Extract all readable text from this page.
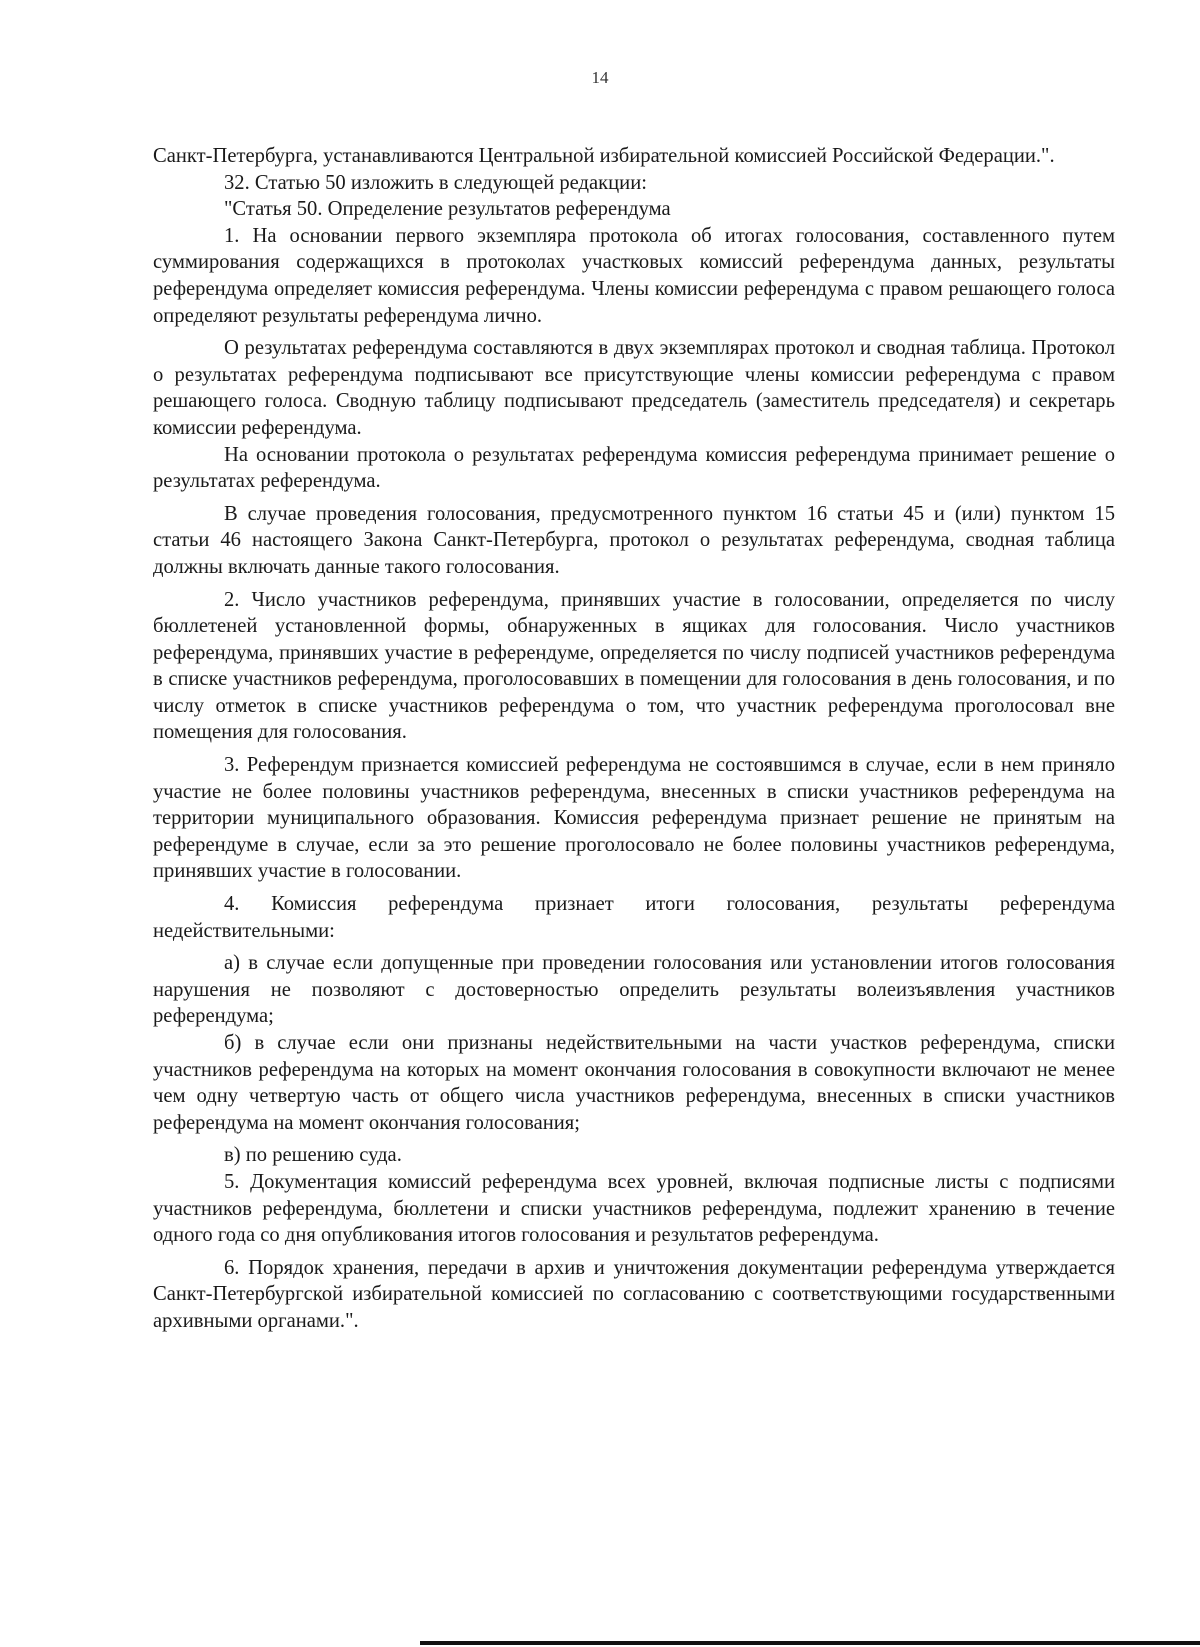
14

Санкт-Петербурга, устанавливаются Центральной избирательной комиссией Российской Федерации.".

32. Статью 50 изложить в следующей редакции:

"Статья 50. Определение результатов референдума

1. На основании первого экземпляра протокола об итогах голосования, составленного путем суммирования содержащихся в протоколах участковых комиссий референдума данных, результаты референдума определяет комиссия референдума. Члены комиссии референдума с правом решающего голоса определяют результаты референдума лично.

О результатах референдума составляются в двух экземплярах протокол и сводная таблица. Протокол о результатах референдума подписывают все присутствующие члены комиссии референдума с правом решающего голоса. Сводную таблицу подписывают председатель (заместитель председателя) и секретарь комиссии референдума.

На основании протокола о результатах референдума комиссия референдума принимает решение о результатах референдума.

В случае проведения голосования, предусмотренного пунктом 16 статьи 45 и (или) пунктом 15 статьи 46 настоящего Закона Санкт-Петербурга, протокол о результатах референдума, сводная таблица должны включать данные такого голосования.

2. Число участников референдума, принявших участие в голосовании, определяется по числу бюллетеней установленной формы, обнаруженных в ящиках для голосования. Число участников референдума, принявших участие в референдуме, определяется по числу подписей участников референдума в списке участников референдума, проголосовавших в помещении для голосования в день голосования, и по числу отметок в списке участников референдума о том, что участник референдума проголосовал вне помещения для голосования.

3. Референдум признается комиссией референдума не состоявшимся в случае, если в нем приняло участие не более половины участников референдума, внесенных в списки участников референдума на территории муниципального образования. Комиссия референдума признает решение не принятым на референдуме в случае, если за это решение проголосовало не более половины участников референдума, принявших участие в голосовании.

4. Комиссия референдума признает итоги голосования, результаты референдума недействительными:

а) в случае если допущенные при проведении голосования или установлении итогов голосования нарушения не позволяют с достоверностью определить результаты волеизъявления участников референдума;

б) в случае если они признаны недействительными на части участков референдума, списки участников референдума на которых на момент окончания голосования в совокупности включают не менее чем одну четвертую часть от общего числа участников референдума, внесенных в списки участников референдума на момент окончания голосования;

в) по решению суда.

5. Документация комиссий референдума всех уровней, включая подписные листы с подписями участников референдума, бюллетени и списки участников референдума, подлежит хранению в течение одного года со дня опубликования итогов голосования и результатов референдума.

6. Порядок хранения, передачи в архив и уничтожения документации референдума утверждается Санкт-Петербургской избирательной комиссией по согласованию с соответствующими государственными архивными органами.".
